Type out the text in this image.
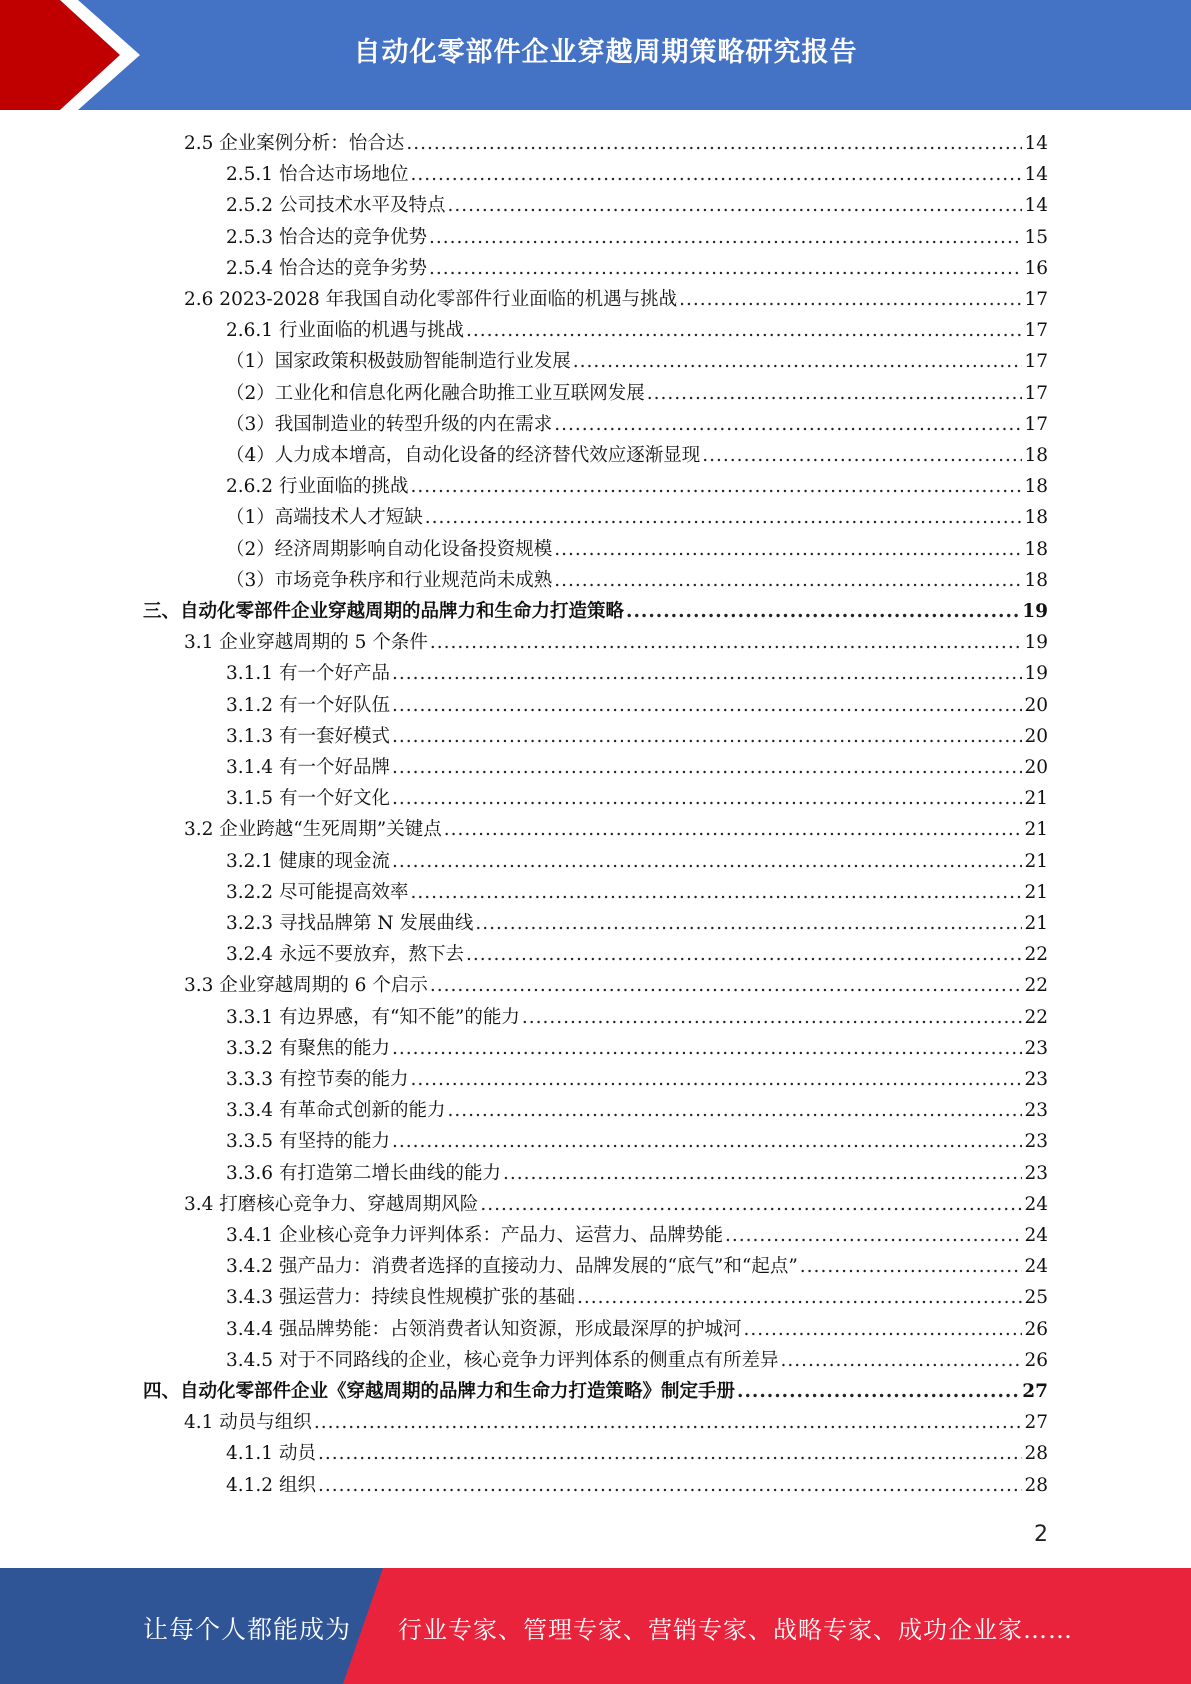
自动化零部件企业穿越周期策略研究报告
2.5 企业案例分析：怡合达 .....	14
2.5.1 怡合达市场地位 .....	14
2.5.2 公司技术水平及特点 .....	14
2.5.3 怡合达的竞争优势 .....	15
2.5.4 怡合达的竞争劣势 .....	16
2.6 2023-2028 年我国自动化零部件行业面临的机遇与挑战 .....	17
2.6.1 行业面临的机遇与挑战 .....	17
（1）国家政策积极鼓励智能制造行业发展 .....	17
（2）工业化和信息化两化融合助推工业互联网发展 .....	17
（3）我国制造业的转型升级的内在需求 .....	17
（4）人力成本增高，自动化设备的经济替代效应逐渐显现 .....	18
2.6.2 行业面临的挑战 .....	18
（1）高端技术人才短缺 .....	18
（2）经济周期影响自动化设备投资规模 .....	18
（3）市场竞争秩序和行业规范尚未成熟 .....	18
三、自动化零部件企业穿越周期的品牌力和生命力打造策略 .....	19
3.1 企业穿越周期的 5 个条件 .....	19
3.1.1 有一个好产品 .....	19
3.1.2 有一个好队伍 .....	20
3.1.3 有一套好模式 .....	20
3.1.4 有一个好品牌 .....	20
3.1.5 有一个好文化 .....	21
3.2 企业跨越“生死周期”关键点 .....	21
3.2.1 健康的现金流 .....	21
3.2.2 尽可能提高效率 .....	21
3.2.3 寻找品牌第 N 发展曲线 .....	21
3.2.4 永远不要放弃，熬下去 .....	22
3.3 企业穿越周期的 6 个启示 .....	22
3.3.1 有边界感，有“知不能”的能力 .....	22
3.3.2 有聚焦的能力 .....	23
3.3.3 有控节奏的能力 .....	23
3.3.4 有革命式创新的能力 .....	23
3.3.5 有坚持的能力 .....	23
3.3.6 有打造第二增长曲线的能力 .....	23
3.4 打磨核心竞争力、穿越周期风险 .....	24
3.4.1 企业核心竞争力评判体系：产品力、运营力、品牌势能 .....	24
3.4.2 强产品力：消费者选择的直接动力、品牌发展的“底气”和“起点” .....	24
3.4.3 强运营力：持续良性规模扩张的基础 .....	25
3.4.4 强品牌势能：占领消费者认知资源，形成最深厚的护城河 .....	26
3.4.5 对于不同路线的企业，核心竞争力评判体系的侧重点有所差异 .....	26
四、自动化零部件企业《穿越周期的品牌力和生命力打造策略》制定手册 .....	27
4.1 动员与组织 .....	27
4.1.1 动员 .....	28
4.1.2 组织 .....	28
2
让每个人都能成为 行业专家、管理专家、营销专家、战略专家、成功企业家……
